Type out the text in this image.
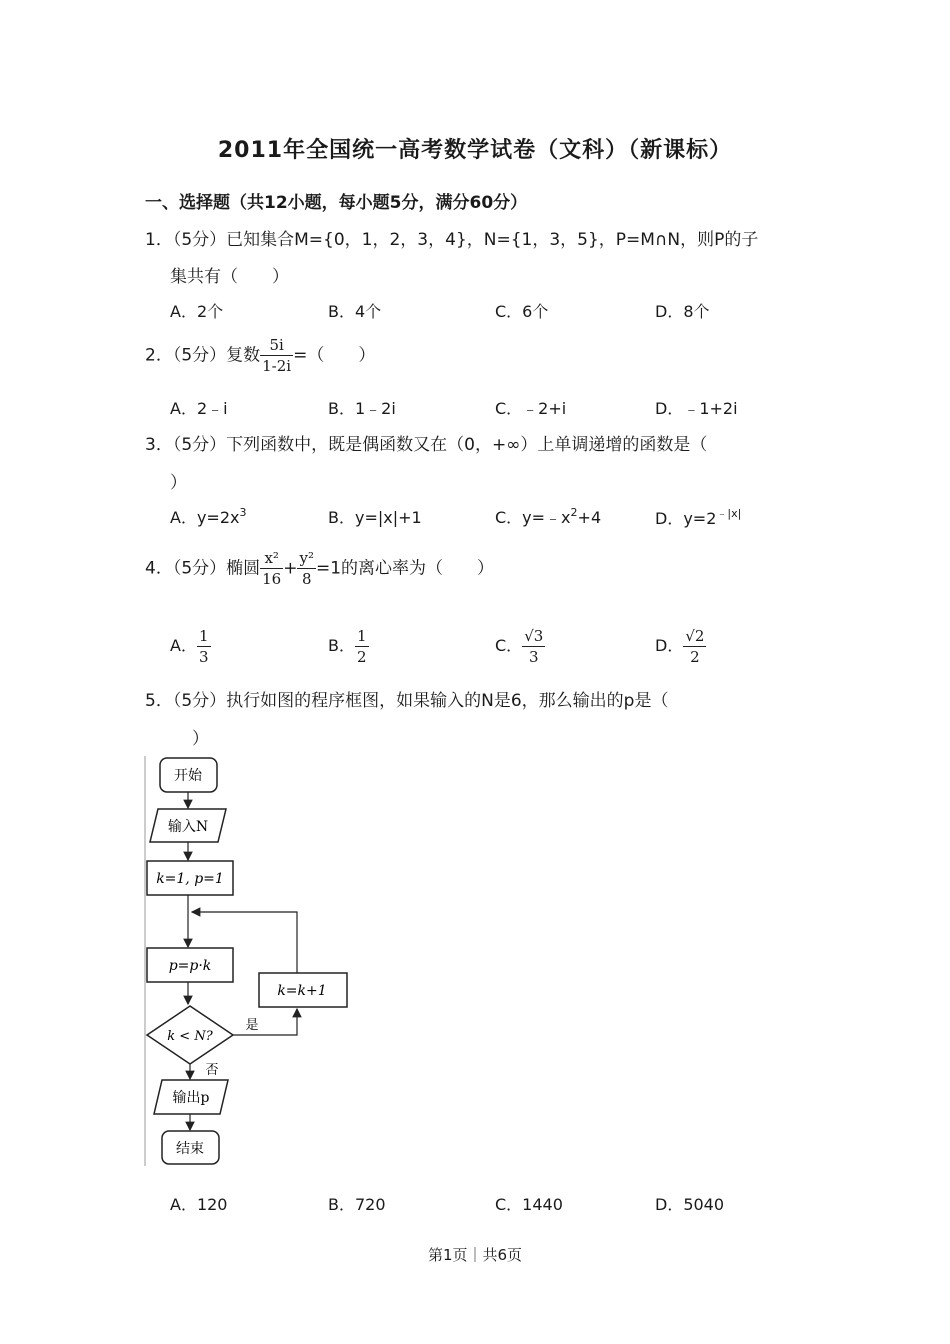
2011年全国统一高考数学试卷（文科）（新课标）
一、选择题（共12小题，每小题5分，满分60分）
1．（5分）已知集合M={0，1，2，3，4}，N={1，3，5}，P=M∩N，则P的子
集共有（　　）
A．2个	B．4个	C．6个	D．8个
2．（5分）复数 $\frac{5i}{1-2i}$ =（　　）
A．2﹣i	B．1﹣2i	C．﹣2+i	D．﹣1+2i
3．（5分）下列函数中，既是偶函数又在（0，+∞）上单调递增的函数是（
）
A．$y=2x^3$	B．y=|x|+1	C．$y=﹣x^2+4$	D．$y=2^{﹣|x|}$
4．（5分）椭圆 $\frac{\text{x²}}{16} + \frac{\text{y²}}{8} =1$的离心率为（　　）
A． $\frac{1}{3}$	B． $\frac{1}{2}$	C． $\frac{√3}{3}$	D． $\frac{√2}{2}$
5．（5分）执行如图的程序框图，如果输入的N是6，那么输出的p是（
）
开始
输入N
k=1, p=1
p=p·k
k=k+1
k < N?
是
否
输出p
结束
A．120	B．720	C．1440	D．5040
第1页｜共6页
